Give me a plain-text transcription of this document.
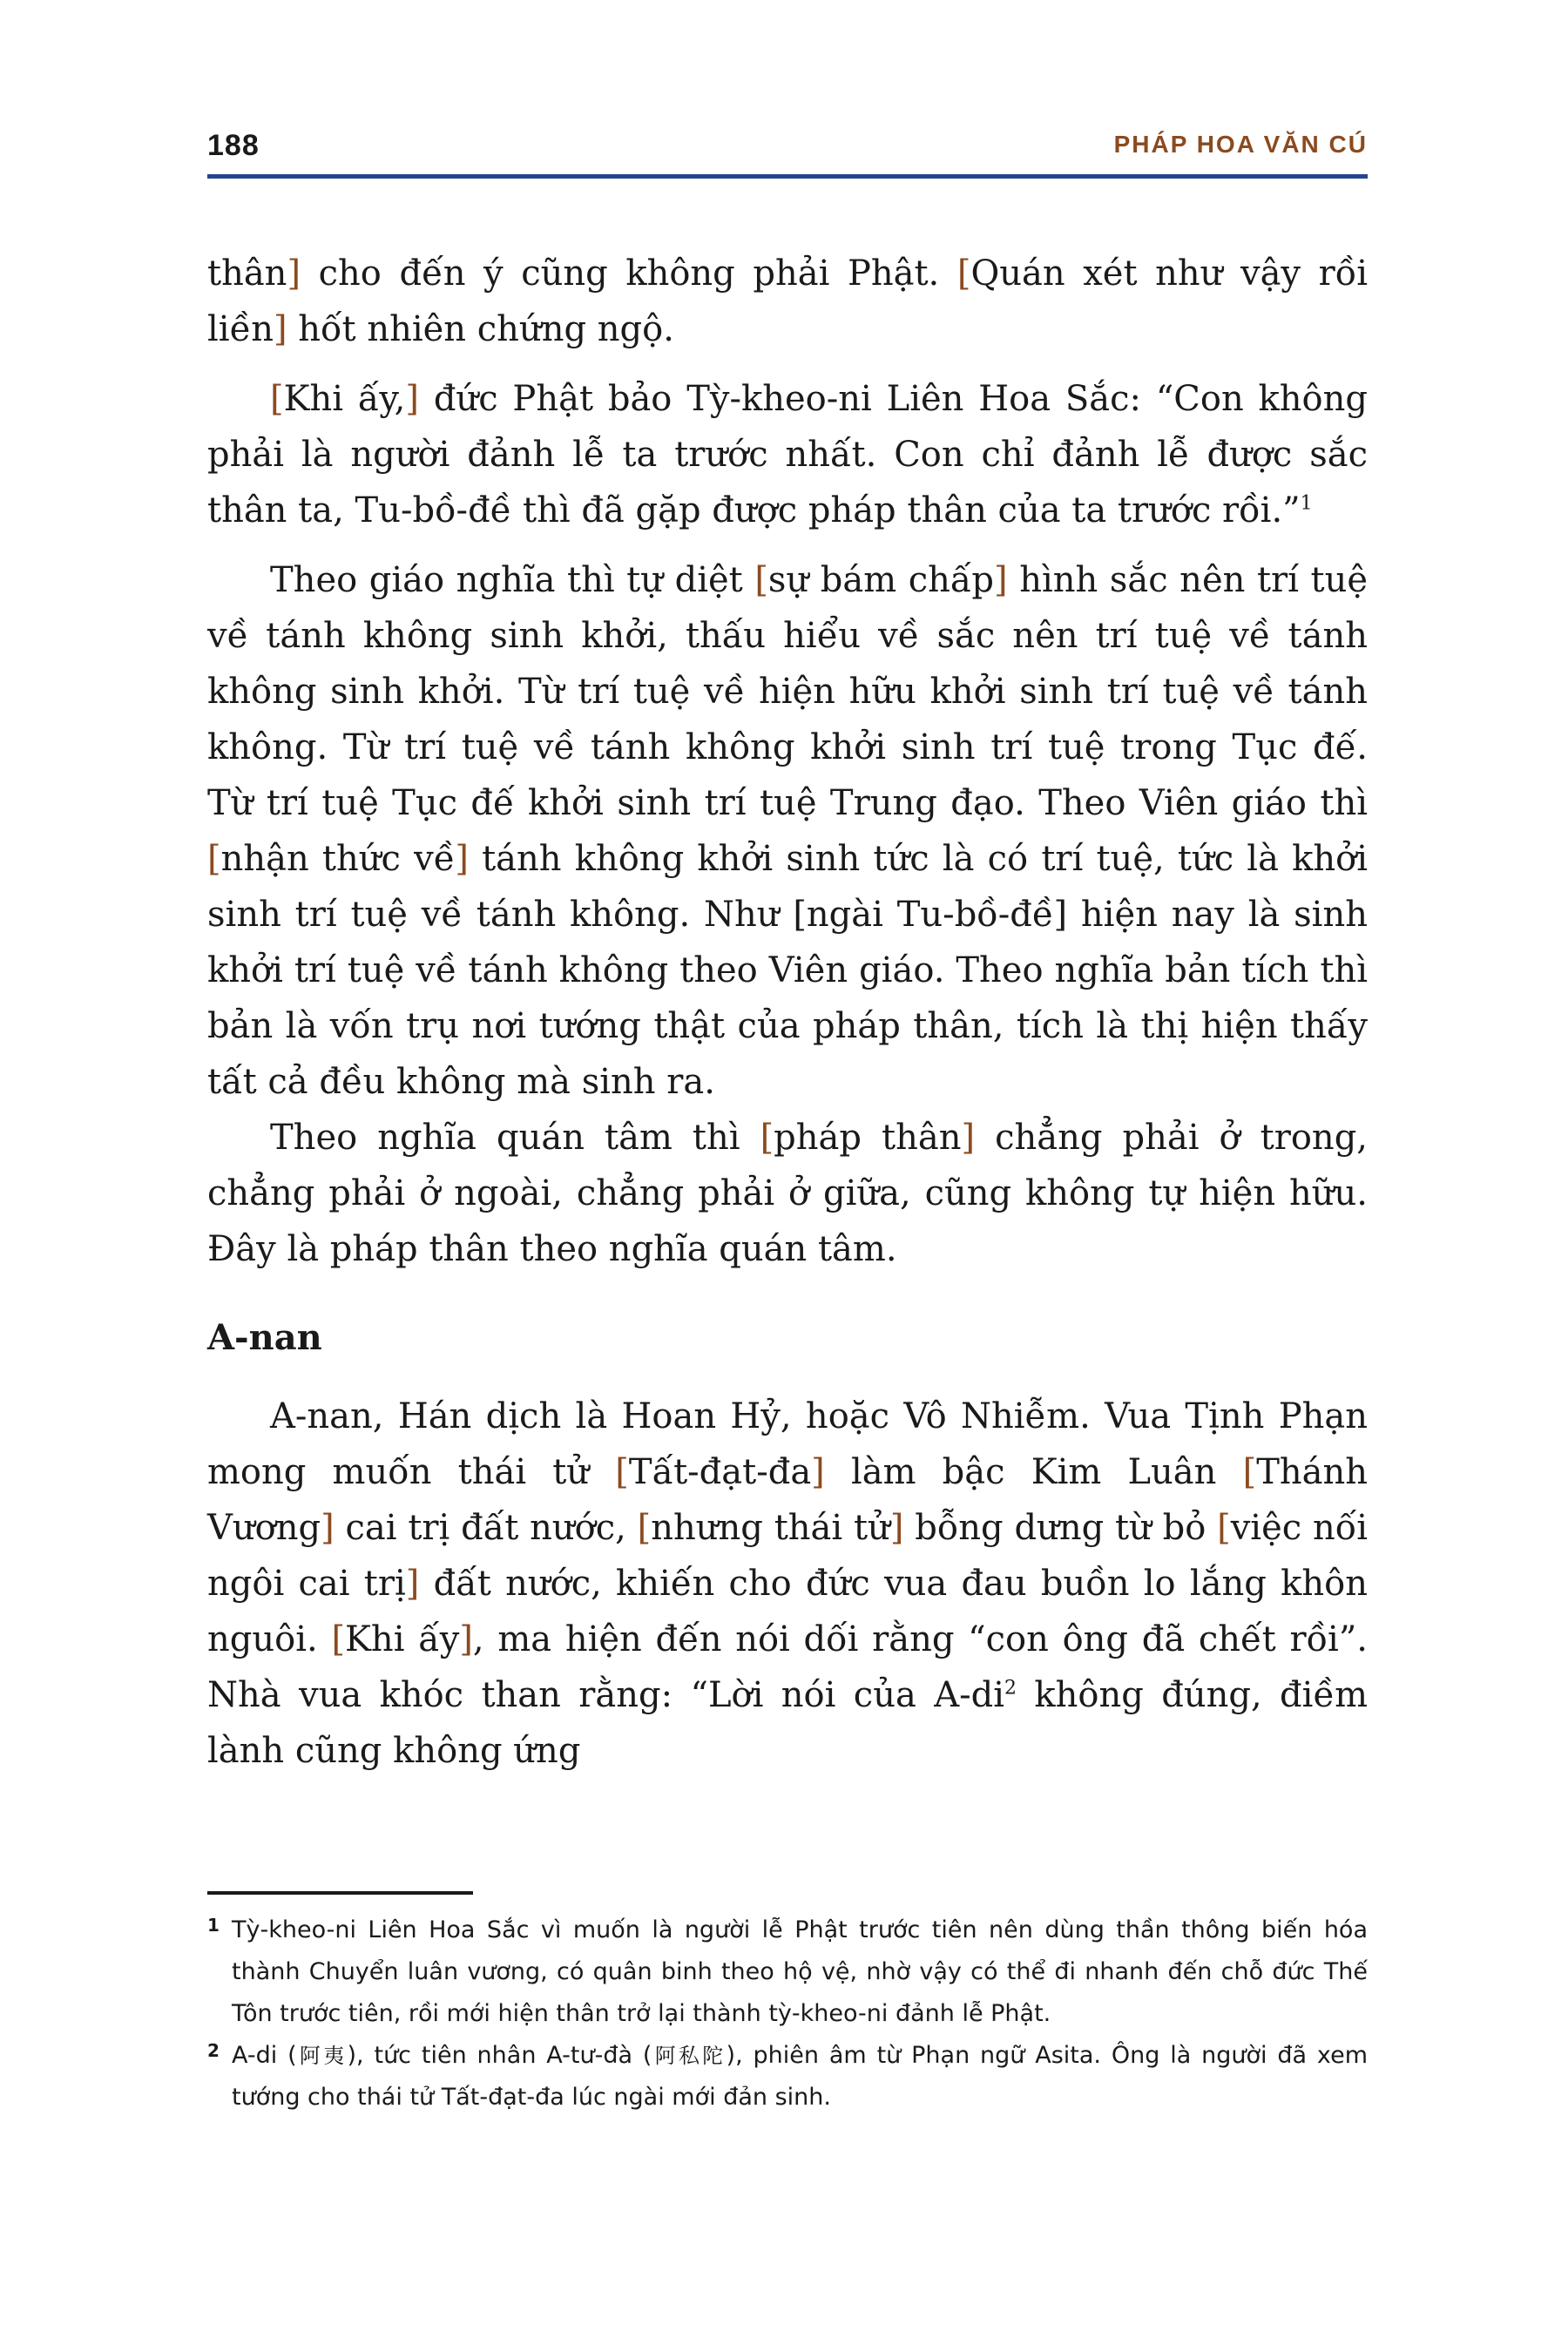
188	PHÁP HOA VĂN CÚ

thân] cho đến ý cũng không phải Phật. [Quán xét như vậy rồi liền] hốt nhiên chứng ngộ.

[Khi ấy,] đức Phật bảo Tỳ-kheo-ni Liên Hoa Sắc: “Con không phải là người đảnh lễ ta trước nhất. Con chỉ đảnh lễ được sắc thân ta, Tu-bồ-đề thì đã gặp được pháp thân của ta trước rồi.”$^1$

Theo giáo nghĩa thì tự diệt [sự bám chấp] hình sắc nên trí tuệ về tánh không sinh khởi, thấu hiểu về sắc nên trí tuệ về tánh không sinh khởi. Từ trí tuệ về hiện hữu khởi sinh trí tuệ về tánh không. Từ trí tuệ về tánh không khởi sinh trí tuệ trong Tục đế. Từ trí tuệ Tục đế khởi sinh trí tuệ Trung đạo. Theo Viên giáo thì [nhận thức về] tánh không khởi sinh tức là có trí tuệ, tức là khởi sinh trí tuệ về tánh không. Như [ngài Tu-bồ-đề] hiện nay là sinh khởi trí tuệ về tánh không theo Viên giáo. Theo nghĩa bản tích thì bản là vốn trụ nơi tướng thật của pháp thân, tích là thị hiện thấy tất cả đều không mà sinh ra.

Theo nghĩa quán tâm thì [pháp thân] chẳng phải ở trong, chẳng phải ở ngoài, chẳng phải ở giữa, cũng không tự hiện hữu. Đây là pháp thân theo nghĩa quán tâm.

A-nan

A-nan, Hán dịch là Hoan Hỷ, hoặc Vô Nhiễm. Vua Tịnh Phạn mong muốn thái tử [Tất-đạt-đa] làm bậc Kim Luân [Thánh Vương] cai trị đất nước, [nhưng thái tử] bỗng dưng từ bỏ [việc nối ngôi cai trị] đất nước, khiến cho đức vua đau buồn lo lắng khôn nguôi. [Khi ấy], ma hiện đến nói dối rằng “con ông đã chết rồi”. Nhà vua khóc than rằng: “Lời nói của $A-di^2$ không đúng, điềm lành cũng không ứng

1 Tỳ-kheo-ni Liên Hoa Sắc vì muốn là người lễ Phật trước tiên nên dùng thần thông biến hóa thành Chuyển luân vương, có quân binh theo hộ vệ, nhờ vậy có thể đi nhanh đến chỗ đức Thế Tôn trước tiên, rồi mới hiện thân trở lại thành tỳ-kheo-ni đảnh lễ Phật.
2 A-di (阿夷), tức tiên nhân A-tư-đà (阿私陀), phiên âm từ Phạn ngữ Asita. Ông là người đã xem tướng cho thái tử Tất-đạt-đa lúc ngài mới đản sinh.
